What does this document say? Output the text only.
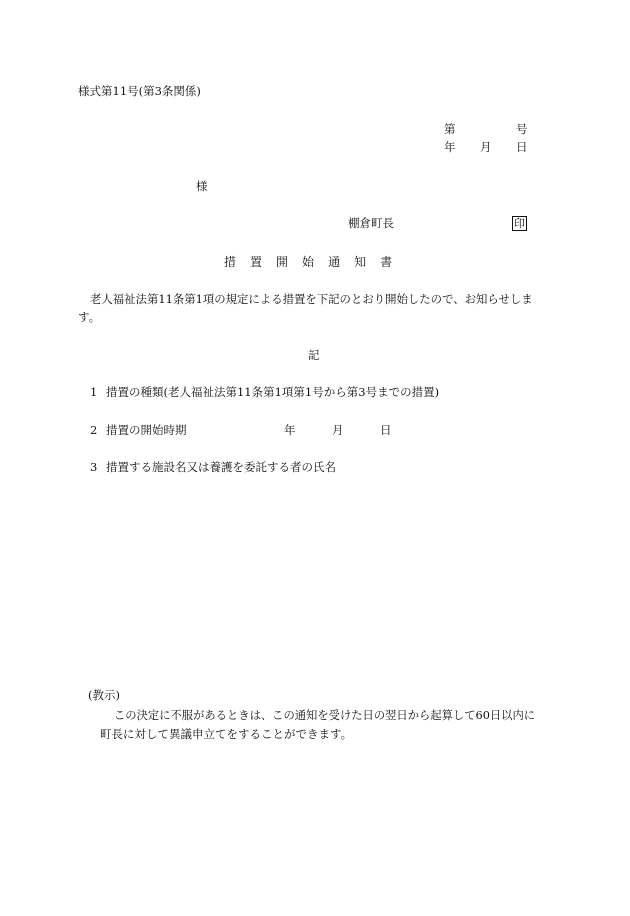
様式第11号(第3条関係)
第	号
年 月 日
様
棚倉町長	印
措 置 開 始 通 知 書
老人福祉法第11条第1項の規定による措置を下記のとおり開始したので、お知らせしま
す。
記
1 措置の種類(老人福祉法第11条第1項第1号から第3号までの措置)
2 措置の開始時期	年	月	日
3 措置する施設名又は養護を委託する者の氏名
(教示)
この決定に不服があるときは、この通知を受けた日の翌日から起算して60日以内に
町長に対して異議申立てをすることができます。
